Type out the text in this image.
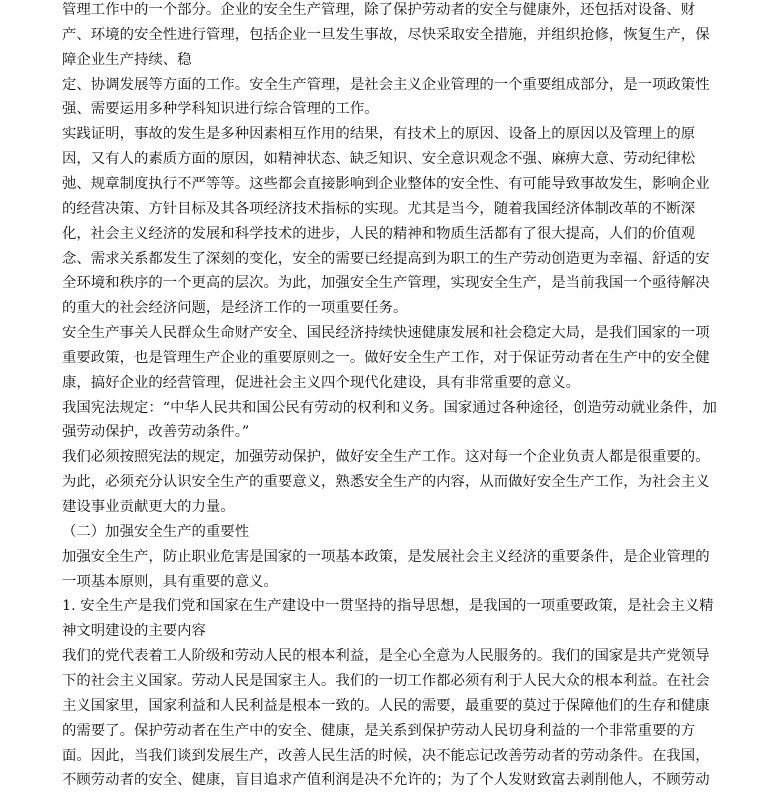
管理工作中的一个部分。企业的安全生产管理，除了保护劳动者的安全与健康外，还包括对设备、财
产、环境的安全性进行管理，包括企业一旦发生事故，尽快采取安全措施，并组织抢修，恢复生产，保
障企业生产持续、稳
定、协调发展等方面的工作。安全生产管理，是社会主义企业管理的一个重要组成部分，是一项政策性
强、需要运用多种学科知识进行综合管理的工作。
实践证明，事故的发生是多种因素相互作用的结果，有技术上的原因、设备上的原因以及管理上的原
因，又有人的素质方面的原因，如精神状态、缺乏知识、安全意识观念不强、麻痹大意、劳动纪律松
弛、规章制度执行不严等等。这些都会直接影响到企业整体的安全性、有可能导致事故发生，影响企业
的经营决策、方针目标及其各项经济技术指标的实现。尤其是当今，随着我国经济体制改革的不断深
化，社会主义经济的发展和科学技术的进步，人民的精神和物质生活都有了很大提高，人们的价值观
念、需求关系都发生了深刻的变化，安全的需要已经提高到为职工的生产劳动创造更为幸福、舒适的安
全环境和秩序的一个更高的层次。为此，加强安全生产管理，实现安全生产，是当前我国一个亟待解决
的重大的社会经济问题，是经济工作的一项重要任务。
安全生产事关人民群众生命财产安全、国民经济持续快速健康发展和社会稳定大局，是我们国家的一项
重要政策，也是管理生产企业的重要原则之一。做好安全生产工作，对于保证劳动者在生产中的安全健
康，搞好企业的经营管理，促进社会主义四个现代化建设，具有非常重要的意义。
我国宪法规定：“中华人民共和国公民有劳动的权利和义务。国家通过各种途径，创造劳动就业条件，加
强劳动保护，改善劳动条件。”
我们必须按照宪法的规定，加强劳动保护，做好安全生产工作。这对每一个企业负责人都是很重要的。
为此，必须充分认识安全生产的重要意义，熟悉安全生产的内容，从而做好安全生产工作，为社会主义
建设事业贡献更大的力量。
（二）加强安全生产的重要性
加强安全生产，防止职业危害是国家的一项基本政策，是发展社会主义经济的重要条件，是企业管理的
一项基本原则，具有重要的意义。
1. 安全生产是我们党和国家在生产建设中一贯坚持的指导思想，是我国的一项重要政策，是社会主义精
神文明建设的主要内容
我们的党代表着工人阶级和劳动人民的根本利益，是全心全意为人民服务的。我们的国家是共产党领导
下的社会主义国家。劳动人民是国家主人。我们的一切工作都必须有利于人民大众的根本利益。在社会
主义国家里，国家利益和人民利益是根本一致的。人民的需要，最重要的莫过于保障他们的生存和健康
的需要了。保护劳动者在生产中的安全、健康，是关系到保护劳动人民切身利益的一个非常重要的方
面。因此，当我们谈到发展生产，改善人民生活的时候，决不能忘记改善劳动者的劳动条件。在我国，
不顾劳动者的安全、健康，盲目追求产值利润是决不允许的；为了个人发财致富去剥削他人，不顾劳动
